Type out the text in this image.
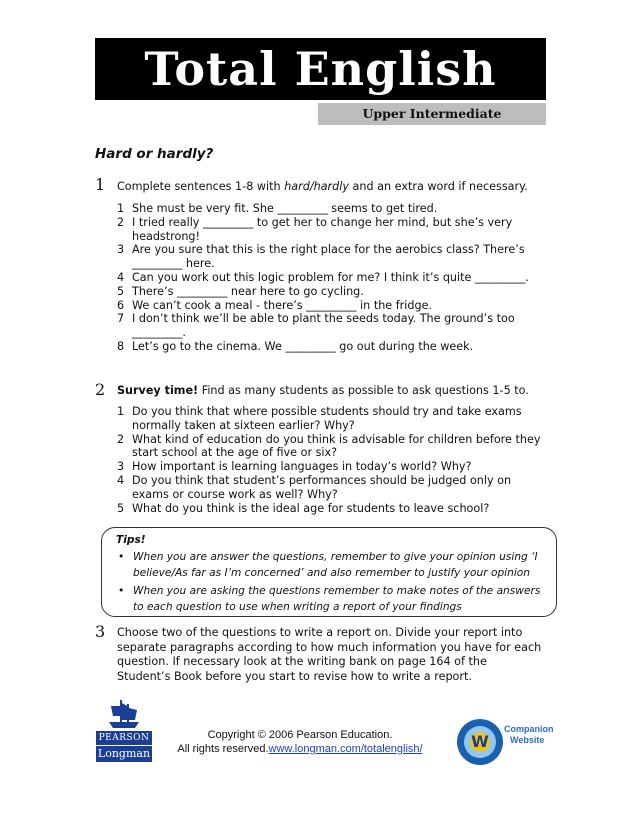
Total English
Upper Intermediate
Hard or hardly?
1 Complete sentences 1-8 with hard/hardly and an extra word if necessary.
1 She must be very fit. She _________ seems to get tired.
2 I tried really _________ to get her to change her mind, but she’s very headstrong!
3 Are you sure that this is the right place for the aerobics class? There’s _________ here.
4 Can you work out this logic problem for me? I think it’s quite _________.
5 There’s _________ near here to go cycling.
6 We can’t cook a meal - there’s _________ in the fridge.
7 I don’t think we’ll be able to plant the seeds today. The ground’s too _________.
8 Let’s go to the cinema. We _________ go out during the week.
2 Survey time! Find as many students as possible to ask questions 1-5 to.
1 Do you think that where possible students should try and take exams normally taken at sixteen earlier? Why?
2 What kind of education do you think is advisable for children before they start school at the age of five or six?
3 How important is learning languages in today’s world? Why?
4 Do you think that student’s performances should be judged only on exams or course work as well? Why?
5 What do you think is the ideal age for students to leave school?
Tips!
• When you are answer the questions, remember to give your opinion using ‘I believe/As far as I’m concerned’ and also remember to justify your opinion
• When you are asking the questions remember to make notes of the answers to each question to use when writing a report of your findings
3 Choose two of the questions to write a report on. Divide your report into separate paragraphs according to how much information you have for each question. If necessary look at the writing bank on page 164 of the Student’s Book before you start to revise how to write a report.
PEARSON
Longman
Copyright © 2006 Pearson Education.
All rights reserved.www.longman.com/totalenglish/	W
Companion
Website
